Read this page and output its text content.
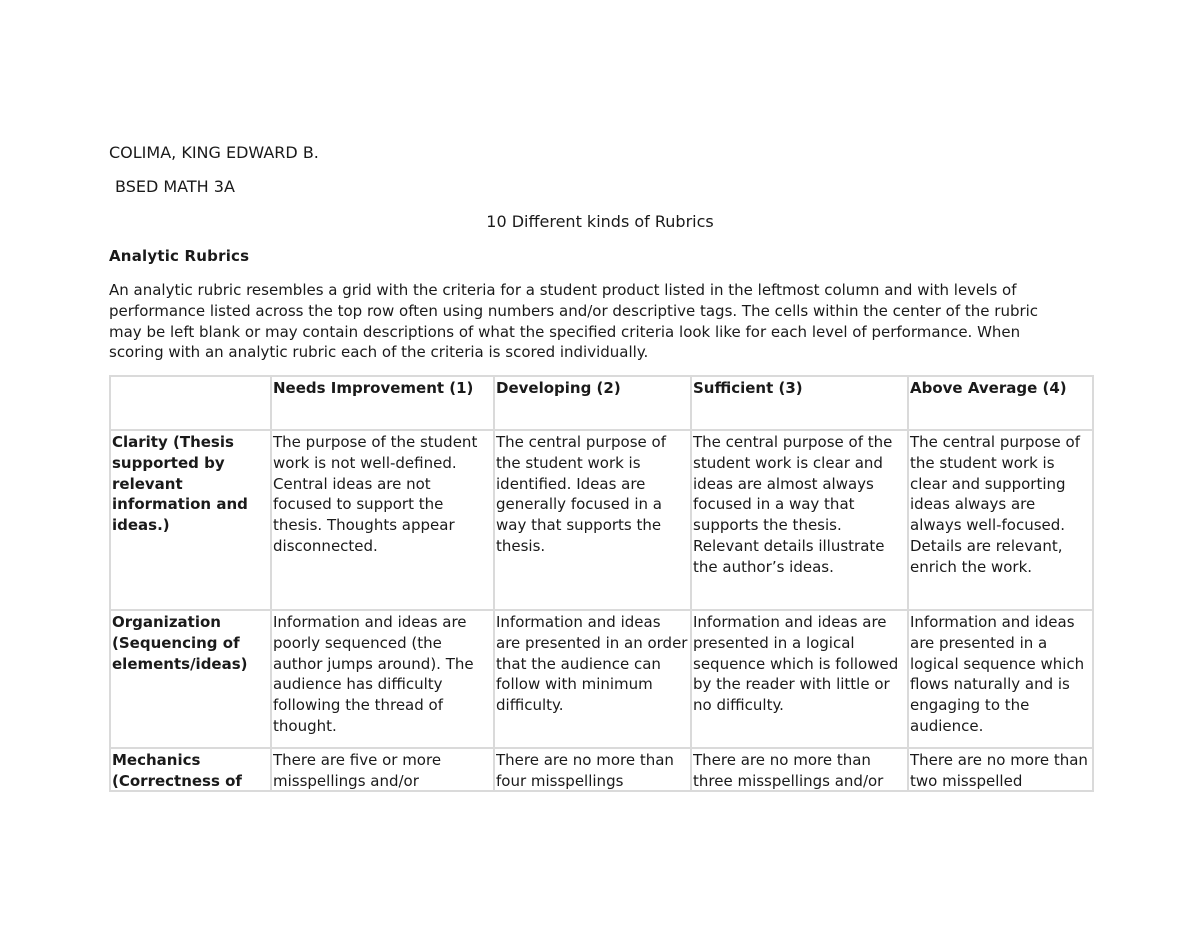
COLIMA, KING EDWARD B.

BSED MATH 3A

10 Different kinds of Rubrics

Analytic Rubrics

An analytic rubric resembles a grid with the criteria for a student product listed in the leftmost column and with levels of performance listed across the top row often using numbers and/or descriptive tags. The cells within the center of the rubric may be left blank or may contain descriptions of what the specified criteria look like for each level of performance. When scoring with an analytic rubric each of the criteria is scored individually.

	Needs Improvement (1)	Developing (2)	Sufficient (3)	Above Average (4)
Clarity (Thesis supported by relevant information and ideas.)	The purpose of the student work is not well-defined. Central ideas are not focused to support the thesis. Thoughts appear disconnected.	The central purpose of the student work is identified. Ideas are generally focused in a way that supports the thesis.	The central purpose of the student work is clear and ideas are almost always focused in a way that supports the thesis. Relevant details illustrate the author’s ideas.	The central purpose of the student work is clear and supporting ideas always are always well-focused. Details are relevant, enrich the work.
Organization (Sequencing of elements/ideas)	Information and ideas are poorly sequenced (the author jumps around). The audience has difficulty following the thread of thought.	Information and ideas are presented in an order that the audience can follow with minimum difficulty.	Information and ideas are presented in a logical sequence which is followed by the reader with little or no difficulty.	Information and ideas are presented in a logical sequence which flows naturally and is engaging to the audience.

Mechanics (Correctness of	There are five or more misspellings and/or	There are no more than four misspellings	There are no more than three misspellings and/or	There are no more than two misspelled
